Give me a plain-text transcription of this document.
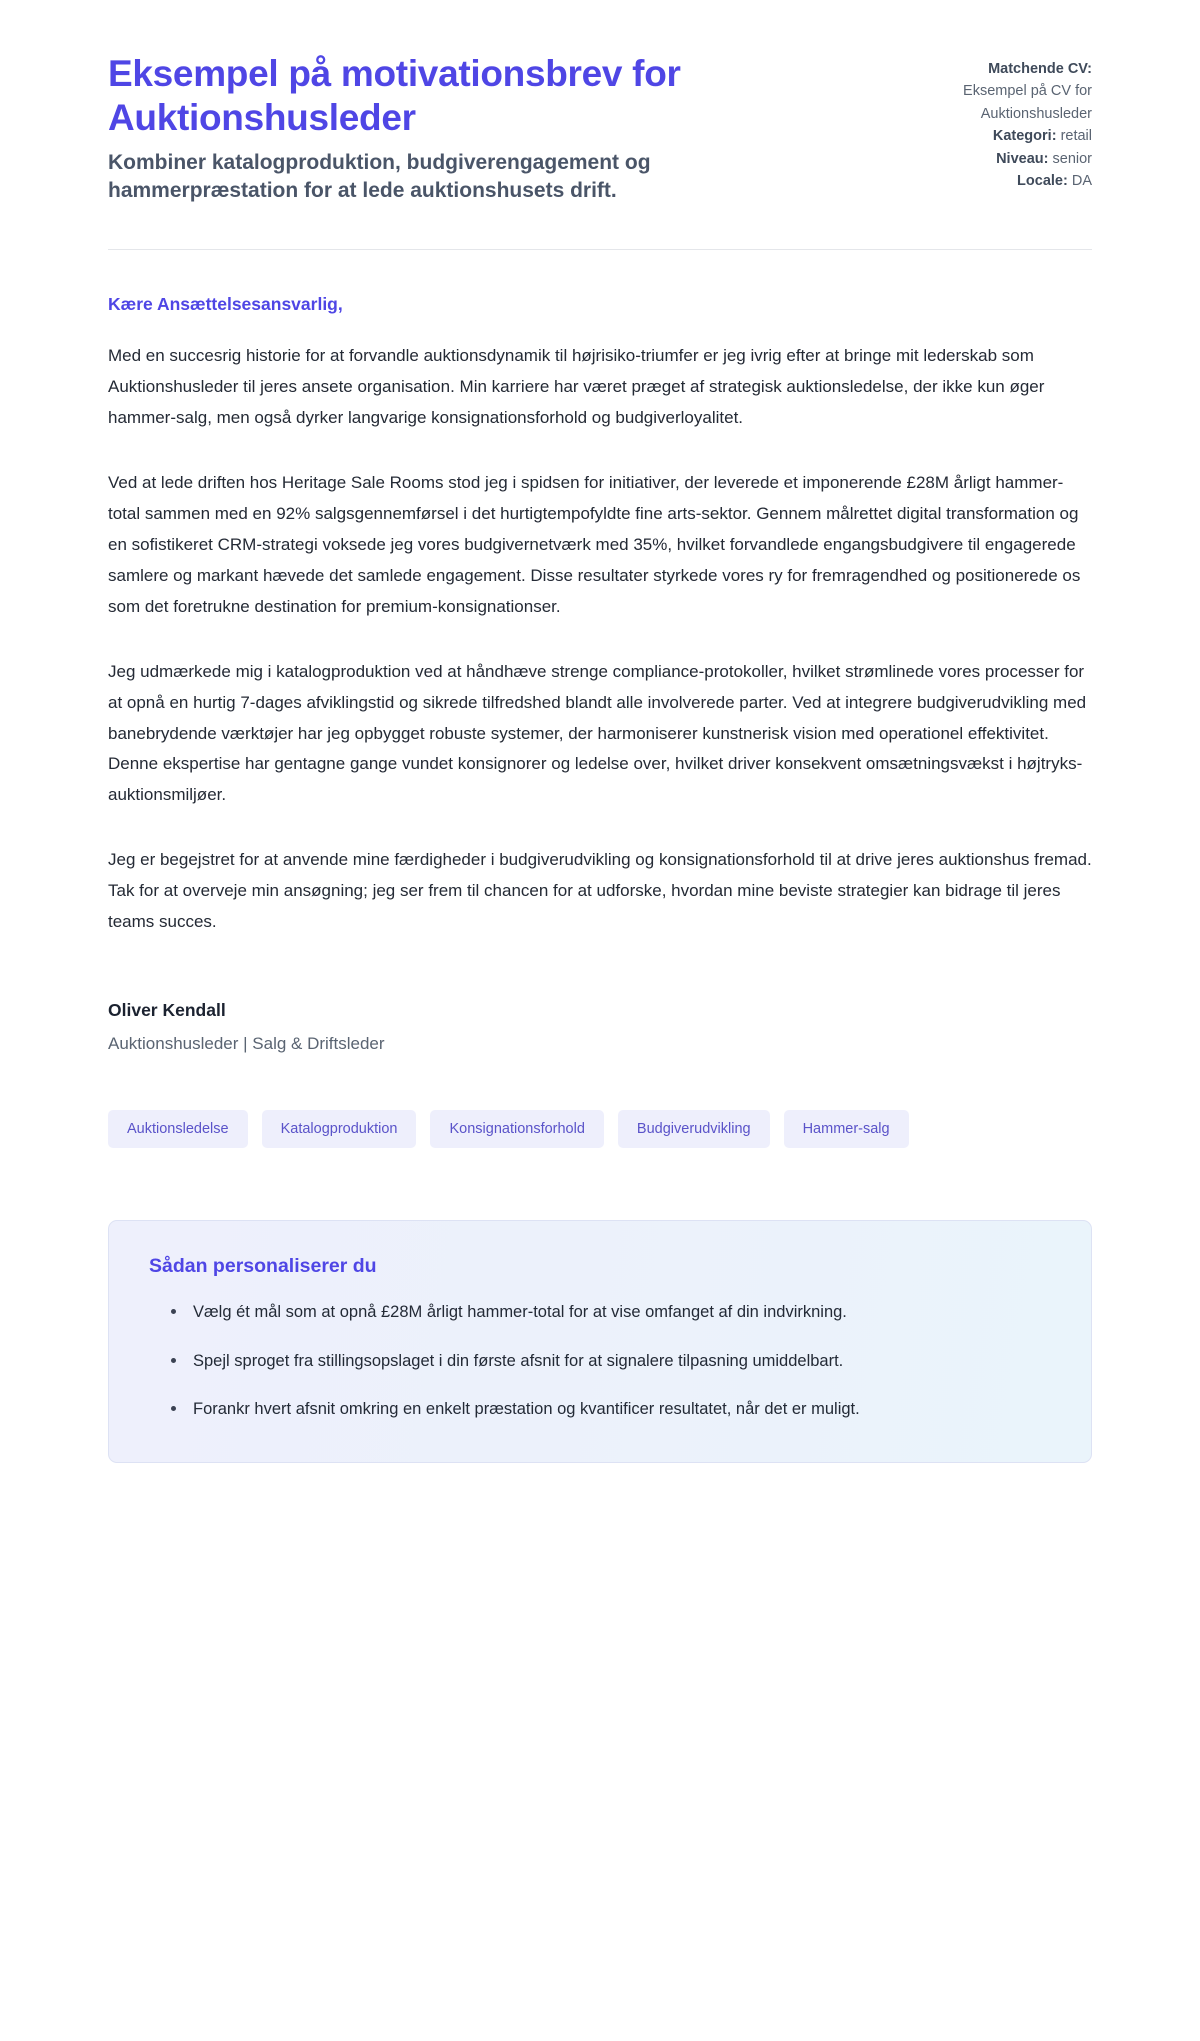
Eksempel på motivationsbrev for Auktionshusleder

Kombiner katalogproduktion, budgiverengagement og hammerpræstation for at lede auktionshusets drift.

Matchende CV:
Eksempel på CV for Auktionshusleder
Kategori: retail
Niveau: senior
Locale: DA

Kære Ansættelsesansvarlig,

Med en succesrig historie for at forvandle auktionsdynamik til højrisiko-triumfer er jeg ivrig efter at bringe mit lederskab som Auktionshusleder til jeres ansete organisation. Min karriere har været præget af strategisk auktionsledelse, der ikke kun øger hammer-salg, men også dyrker langvarige konsignationsforhold og budgiverloyalitet.

Ved at lede driften hos Heritage Sale Rooms stod jeg i spidsen for initiativer, der leverede et imponerende £28M årligt hammer-total sammen med en 92% salgsgennemførsel i det hurtigtempofyldte fine arts-sektor. Gennem målrettet digital transformation og en sofistikeret CRM-strategi voksede jeg vores budgivernetværk med 35%, hvilket forvandlede engangsbudgivere til engagerede samlere og markant hævede det samlede engagement. Disse resultater styrkede vores ry for fremragendhed og positionerede os som det foretrukne destination for premium-konsignationser.

Jeg udmærkede mig i katalogproduktion ved at håndhæve strenge compliance-protokoller, hvilket strømlinede vores processer for at opnå en hurtig 7-dages afviklingstid og sikrede tilfredshed blandt alle involverede parter. Ved at integrere budgiverudvikling med banebrydende værktøjer har jeg opbygget robuste systemer, der harmoniserer kunstnerisk vision med operationel effektivitet. Denne ekspertise har gentagne gange vundet konsignorer og ledelse over, hvilket driver konsekvent omsætningsvækst i højtryks-auktionsmiljøer.

Jeg er begejstret for at anvende mine færdigheder i budgiverudvikling og konsignationsforhold til at drive jeres auktionshus fremad. Tak for at overveje min ansøgning; jeg ser frem til chancen for at udforske, hvordan mine beviste strategier kan bidrage til jeres teams succes.

Oliver Kendall

Auktionshusleder | Salg & Driftsleder

Auktionsledelse	Katalogproduktion	Konsignationsforhold	Budgiverudvikling	Hammer-salg
Sådan personaliserer du
Vælg ét mål som at opnå £28M årligt hammer-total for at vise omfanget af din indvirkning.
Spejl sproget fra stillingsopslaget i din første afsnit for at signalere tilpasning umiddelbart.
Forankr hvert afsnit omkring en enkelt præstation og kvantificer resultatet, når det er muligt.
